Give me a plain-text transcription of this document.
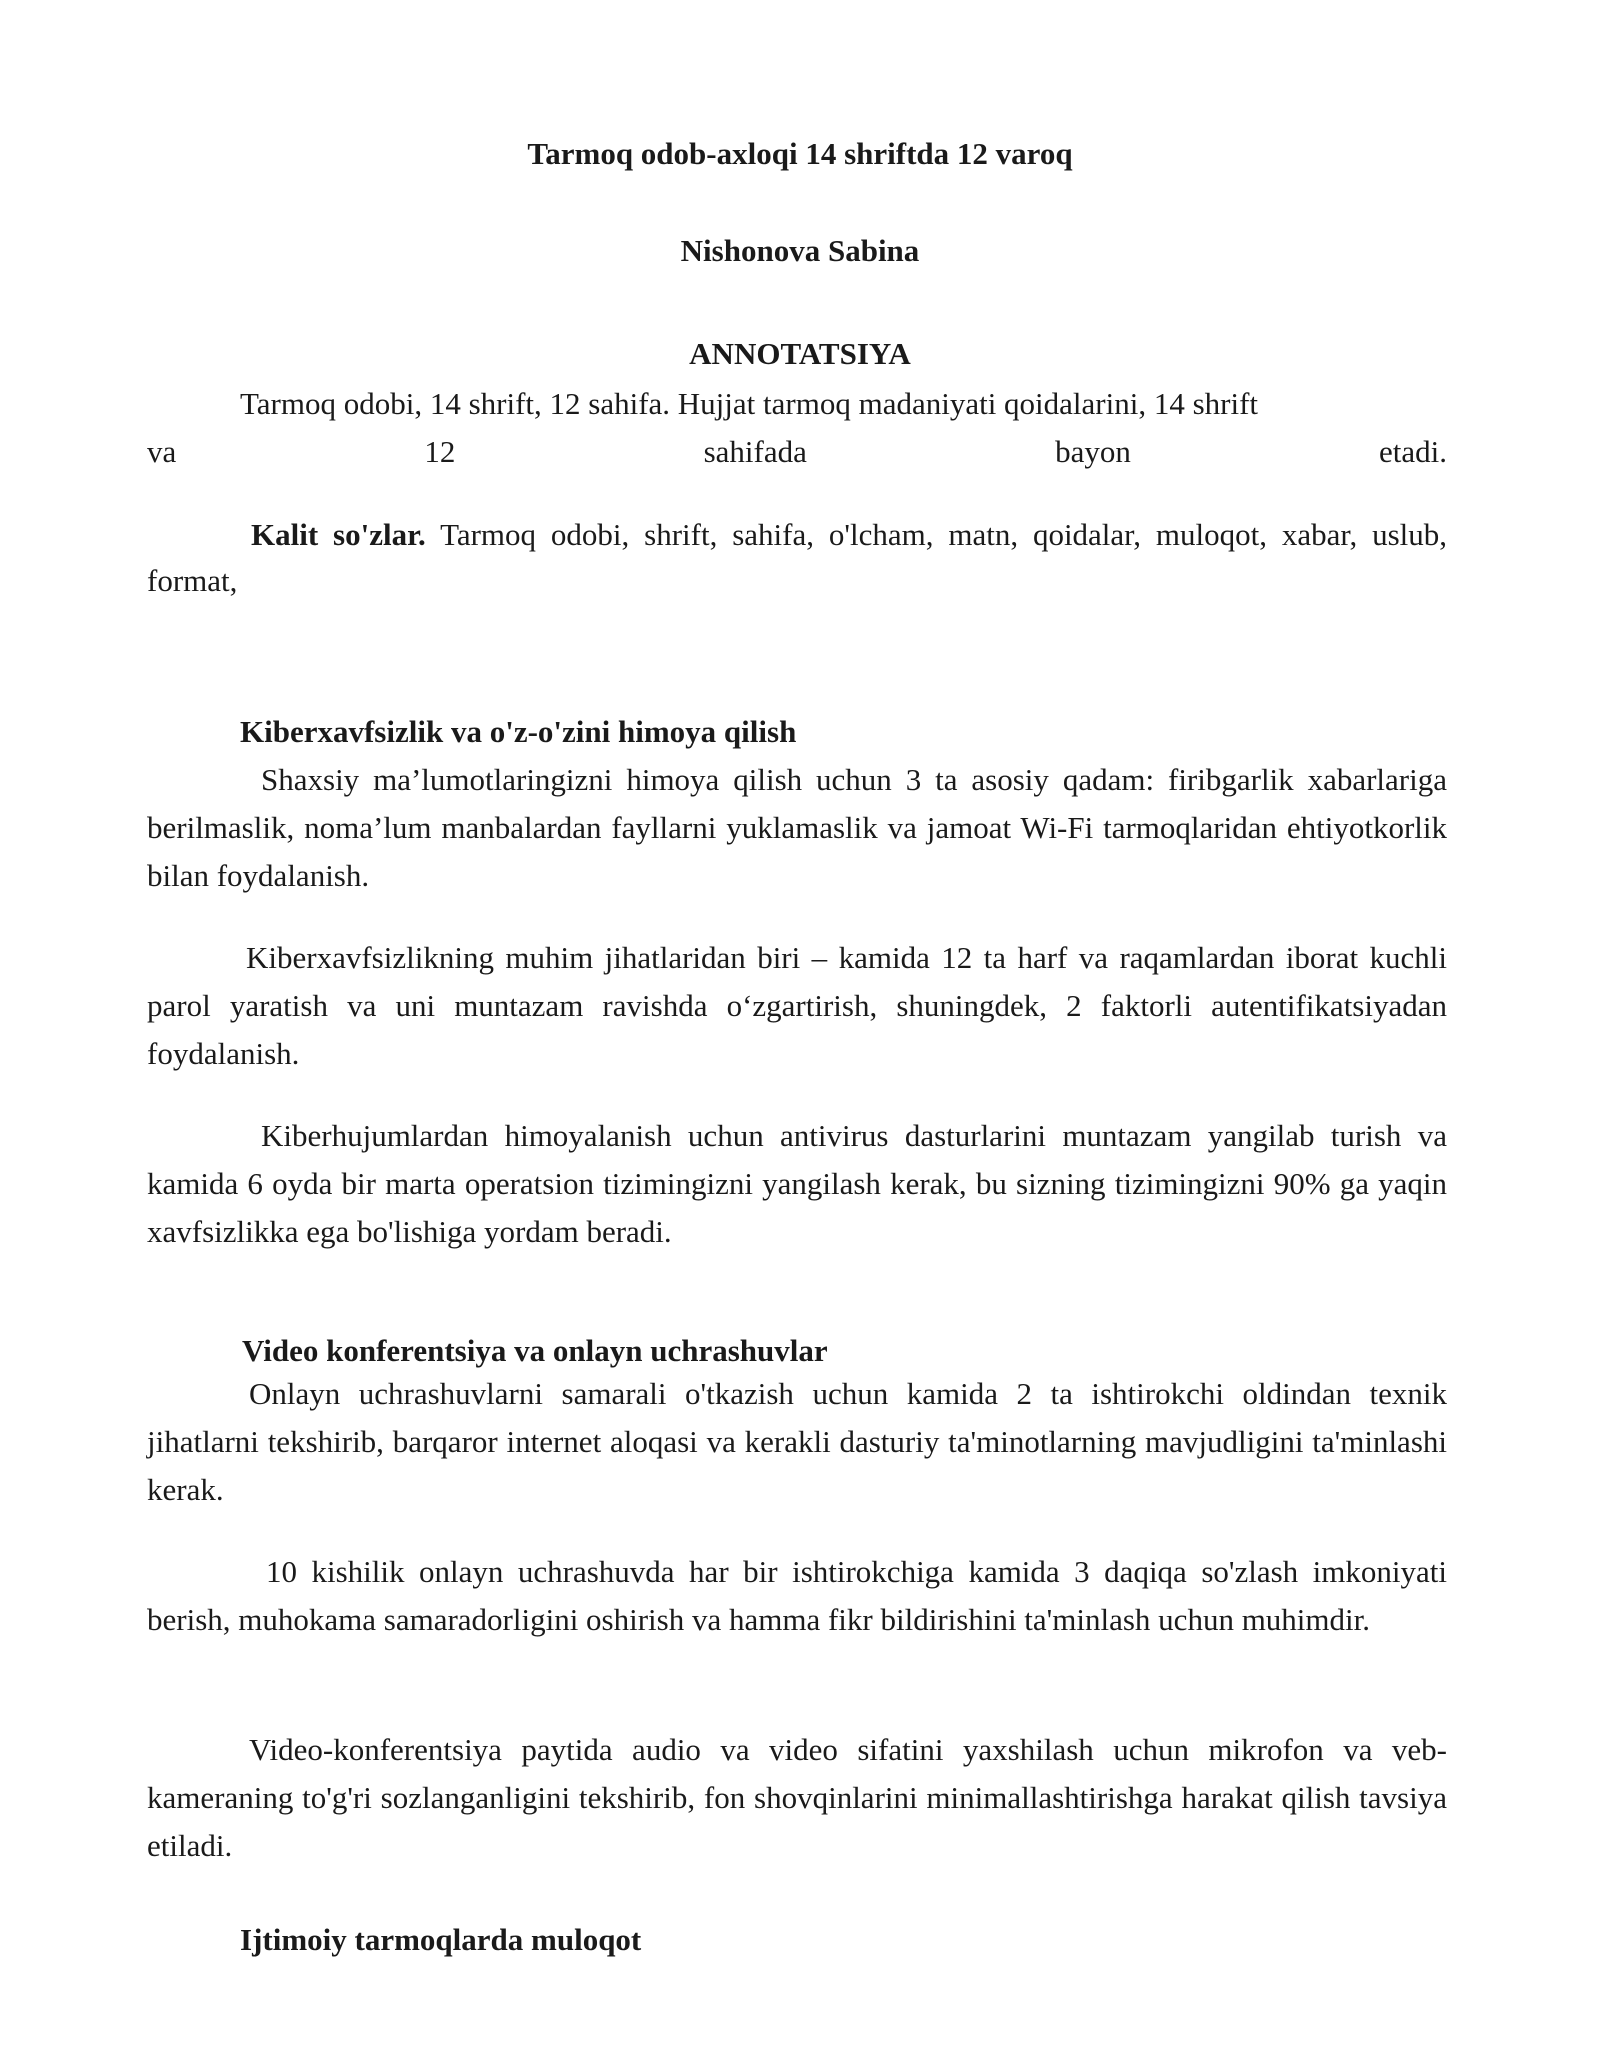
Tarmoq odob-axloqi 14 shriftda 12 varoq

Nishonova Sabina

ANNOTATSIYA

Tarmoq odobi, 14 shrift, 12 sahifa. Hujjat tarmoq madaniyati qoidalarini, 14 shrift

va 12 sahifada bayon etadi.

Kalit so'zlar. Tarmoq odobi, shrift, sahifa, o'lcham, matn, qoidalar, muloqot, xabar, uslub, format,

Kiberxavfsizlik va o'z-o'zini himoya qilish

Shaxsiy ma’lumotlaringizni himoya qilish uchun 3 ta asosiy qadam: firibgarlik xabarlariga berilmaslik, noma’lum manbalardan fayllarni yuklamaslik va jamoat Wi-Fi tarmoqlaridan ehtiyotkorlik bilan foydalanish.

Kiberxavfsizlikning muhim jihatlaridan biri – kamida 12 ta harf va raqamlardan iborat kuchli parol yaratish va uni muntazam ravishda o‘zgartirish, shuningdek, 2 faktorli autentifikatsiyadan foydalanish.

Kiberhujumlardan himoyalanish uchun antivirus dasturlarini muntazam yangilab turish va kamida 6 oyda bir marta operatsion tizimingizni yangilash kerak, bu sizning tizimingizni 90% ga yaqin xavfsizlikka ega bo'lishiga yordam beradi.

Video konferentsiya va onlayn uchrashuvlar

Onlayn uchrashuvlarni samarali o'tkazish uchun kamida 2 ta ishtirokchi oldindan texnik jihatlarni tekshirib, barqaror internet aloqasi va kerakli dasturiy ta'minotlarning mavjudligini ta'minlashi kerak.

10 kishilik onlayn uchrashuvda har bir ishtirokchiga kamida 3 daqiqa so'zlash imkoniyati berish, muhokama samaradorligini oshirish va hamma fikr bildirishini ta'minlash uchun muhimdir.

Video-konferentsiya paytida audio va video sifatini yaxshilash uchun mikrofon va veb-kameraning to'g'ri sozlanganligini tekshirib, fon shovqinlarini minimallashtirishga harakat qilish tavsiya etiladi.

Ijtimoiy tarmoqlarda muloqot
